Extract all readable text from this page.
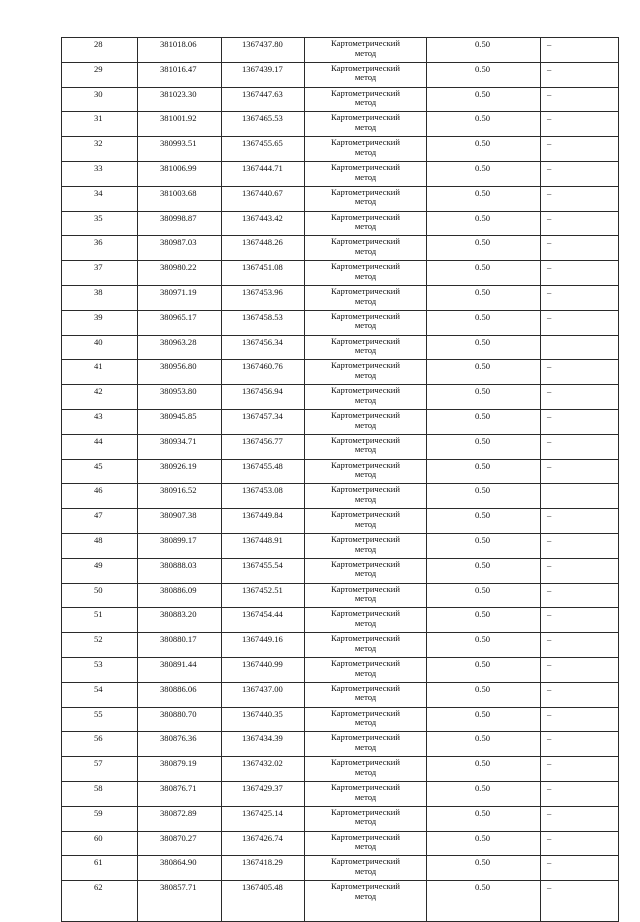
28	381018.06	1367437.80	Картометрический
метод	0.50	–
29	381016.47	1367439.17	Картометрический
метод	0.50	–
30	381023.30	1367447.63	Картометрический
метод	0.50	–
31	381001.92	1367465.53	Картометрический
метод	0.50	–
32	380993.51	1367455.65	Картометрический
метод	0.50	–
33	381006.99	1367444.71	Картометрический
метод	0.50	–
34	381003.68	1367440.67	Картометрический
метод	0.50	–
35	380998.87	1367443.42	Картометрический
метод	0.50	–
36	380987.03	1367448.26	Картометрический
метод	0.50	–
37	380980.22	1367451.08	Картометрический
метод	0.50	–
38	380971.19	1367453.96	Картометрический
метод	0.50	–
39	380965.17	1367458.53	Картометрический
метод	0.50	–
40	380963.28	1367456.34	Картометрический
метод	0.50	
41	380956.80	1367460.76	Картометрический
метод	0.50	–
42	380953.80	1367456.94	Картометрический
метод	0.50	–
43	380945.85	1367457.34	Картометрический
метод	0.50	–
44	380934.71	1367456.77	Картометрический
метод	0.50	–
45	380926.19	1367455.48	Картометрический
метод	0.50	–
46	380916.52	1367453.08	Картометрический
метод	0.50	
47	380907.38	1367449.84	Картометрический
метод	0.50	–
48	380899.17	1367448.91	Картометрический
метод	0.50	–
49	380888.03	1367455.54	Картометрический
метод	0.50	–
50	380886.09	1367452.51	Картометрический
метод	0.50	–
51	380883.20	1367454.44	Картометрический
метод	0.50	–
52	380880.17	1367449.16	Картометрический
метод	0.50	–
53	380891.44	1367440.99	Картометрический
метод	0.50	–
54	380886.06	1367437.00	Картометрический
метод	0.50	–
55	380880.70	1367440.35	Картометрический
метод	0.50	–
56	380876.36	1367434.39	Картометрический
метод	0.50	–
57	380879.19	1367432.02	Картометрический
метод	0.50	–
58	380876.71	1367429.37	Картометрический
метод	0.50	–
59	380872.89	1367425.14	Картометрический
метод	0.50	–
60	380870.27	1367426.74	Картометрический
метод	0.50	–
61	380864.90	1367418.29	Картометрический
метод	0.50	–
62	380857.71	1367405.48	Картометрический
метод	0.50	–
